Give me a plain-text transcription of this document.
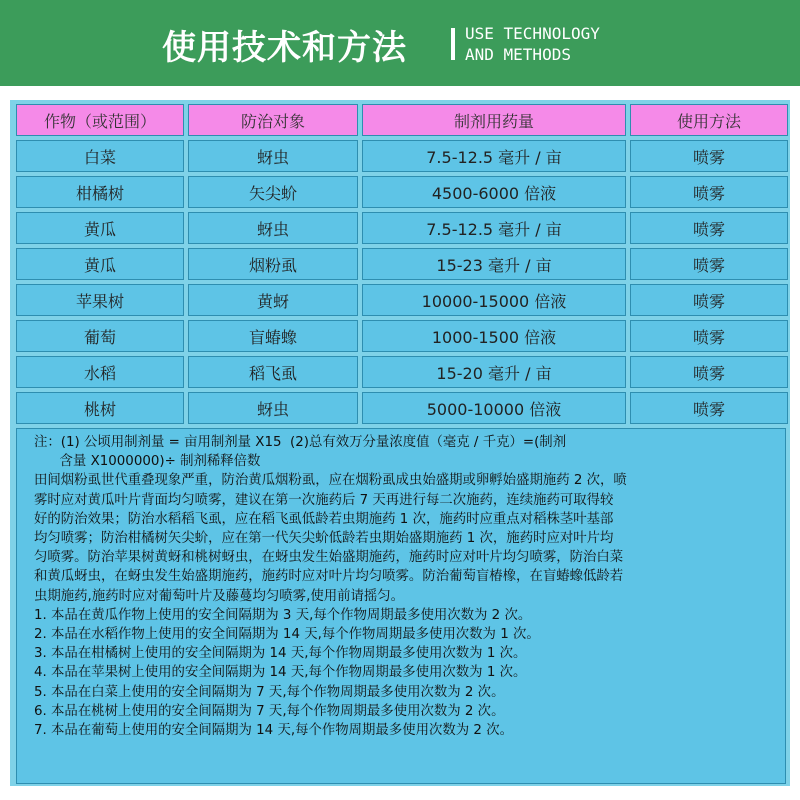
使用技术和方法	USE TECHNOLOGY
AND METHODS
作物（或范围）	防治对象	制剂用药量	使用方法
白菜	蚜虫	7.5-12.5 毫升 / 亩	喷雾
柑橘树	矢尖蚧	4500-6000 倍液	喷雾
黄瓜	蚜虫	7.5-12.5 毫升 / 亩	喷雾
黄瓜	烟粉虱	15-23 毫升 / 亩	喷雾
苹果树	黄蚜	10000-15000 倍液	喷雾
葡萄	盲蝽蟓	1000-1500 倍液	喷雾
水稻	稻飞虱	15-20 毫升 / 亩	喷雾
桃树	蚜虫	5000-10000 倍液	喷雾
注：(1) 公顷用制剂量 = 亩用制剂量 X15  (2)总有效万分量浓度值（毫克 / 千克）=(制剂
含量 X1000000)÷ 制剂稀释倍数
田间烟粉虱世代重叠现象严重，防治黄瓜烟粉虱，应在烟粉虱成虫始盛期或卵孵始盛期施药 2 次，喷
雾时应对黄瓜叶片背面均匀喷雾，建议在第一次施药后 7 天再进行每二次施药，连续施药可取得较
好的防治效果；防治水稻稻飞虱，应在稻飞虱低龄若虫期施药 1 次，施药时应重点对稻株茎叶基部
均匀喷雾；防治柑橘树矢尖蚧，应在第一代矢尖蚧低龄若虫期始盛期施药 1 次，施药时应对叶片均
匀喷雾。防治苹果树黄蚜和桃树蚜虫，在蚜虫发生始盛期施药，施药时应对叶片均匀喷雾，防治白菜
和黄瓜蚜虫，在蚜虫发生始盛期施药，施药时应对叶片均匀喷雾。防治葡萄盲椿橡，在盲蝽蟓低龄若
虫期施药,施药时应对葡萄叶片及藤蔓均匀喷雾,使用前请摇匀。
1. 本品在黄瓜作物上使用的安全间隔期为 3 天,每个作物周期最多使用次数为 2 次。
2. 本品在水稻作物上使用的安全间隔期为 14 天,每个作物周期最多使用次数为 1 次。
3. 本品在柑橘树上使用的安全间隔期为 14 天,每个作物周期最多使用次数为 1 次。
4. 本品在苹果树上使用的安全间隔期为 14 天,每个作物周期最多使用次数为 1 次。
5. 本品在白菜上使用的安全间隔期为 7 天,每个作物周期最多使用次数为 2 次。
6. 本品在桃树上使用的安全间隔期为 7 天,每个作物周期最多使用次数为 2 次。
7. 本品在葡萄上使用的安全间隔期为 14 天,每个作物周期最多使用次数为 2 次。
